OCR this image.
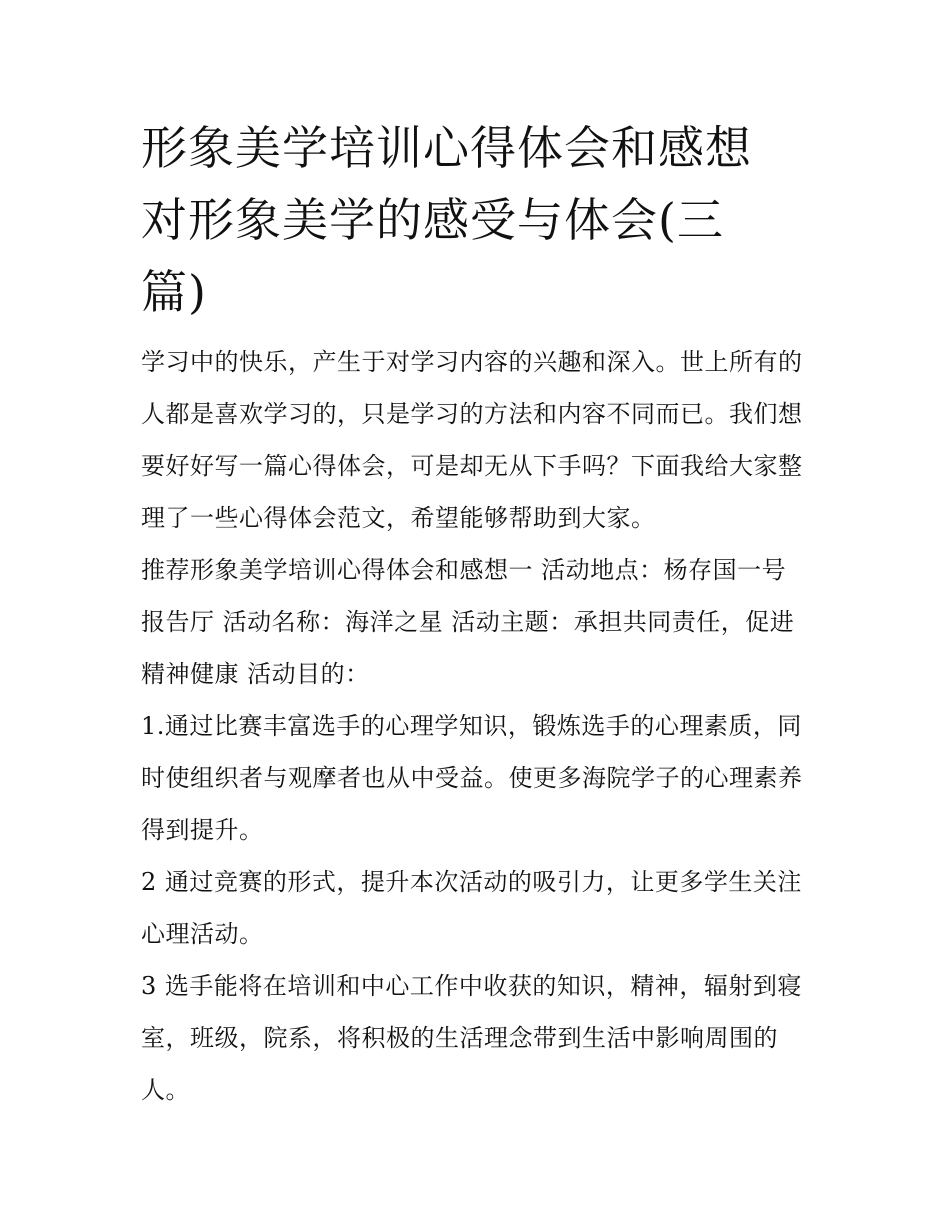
形象美学培训心得体会和感想
对形象美学的感受与体会(三
篇)
学习中的快乐，产生于对学习内容的兴趣和深入。世上所有的
人都是喜欢学习的，只是学习的方法和内容不同而已。我们想
要好好写一篇心得体会，可是却无从下手吗？下面我给大家整
理了一些心得体会范文，希望能够帮助到大家。
推荐形象美学培训心得体会和感想一 活动地点：杨存国一号
报告厅 活动名称：海洋之星 活动主题：承担共同责任，促进
精神健康 活动目的：
1.通过比赛丰富选手的心理学知识，锻炼选手的心理素质，同
时使组织者与观摩者也从中受益。使更多海院学子的心理素养
得到提升。
2 通过竞赛的形式，提升本次活动的吸引力，让更多学生关注
心理活动。
3 选手能将在培训和中心工作中收获的知识，精神，辐射到寝
室，班级，院系，将积极的生活理念带到生活中影响周围的
人。
